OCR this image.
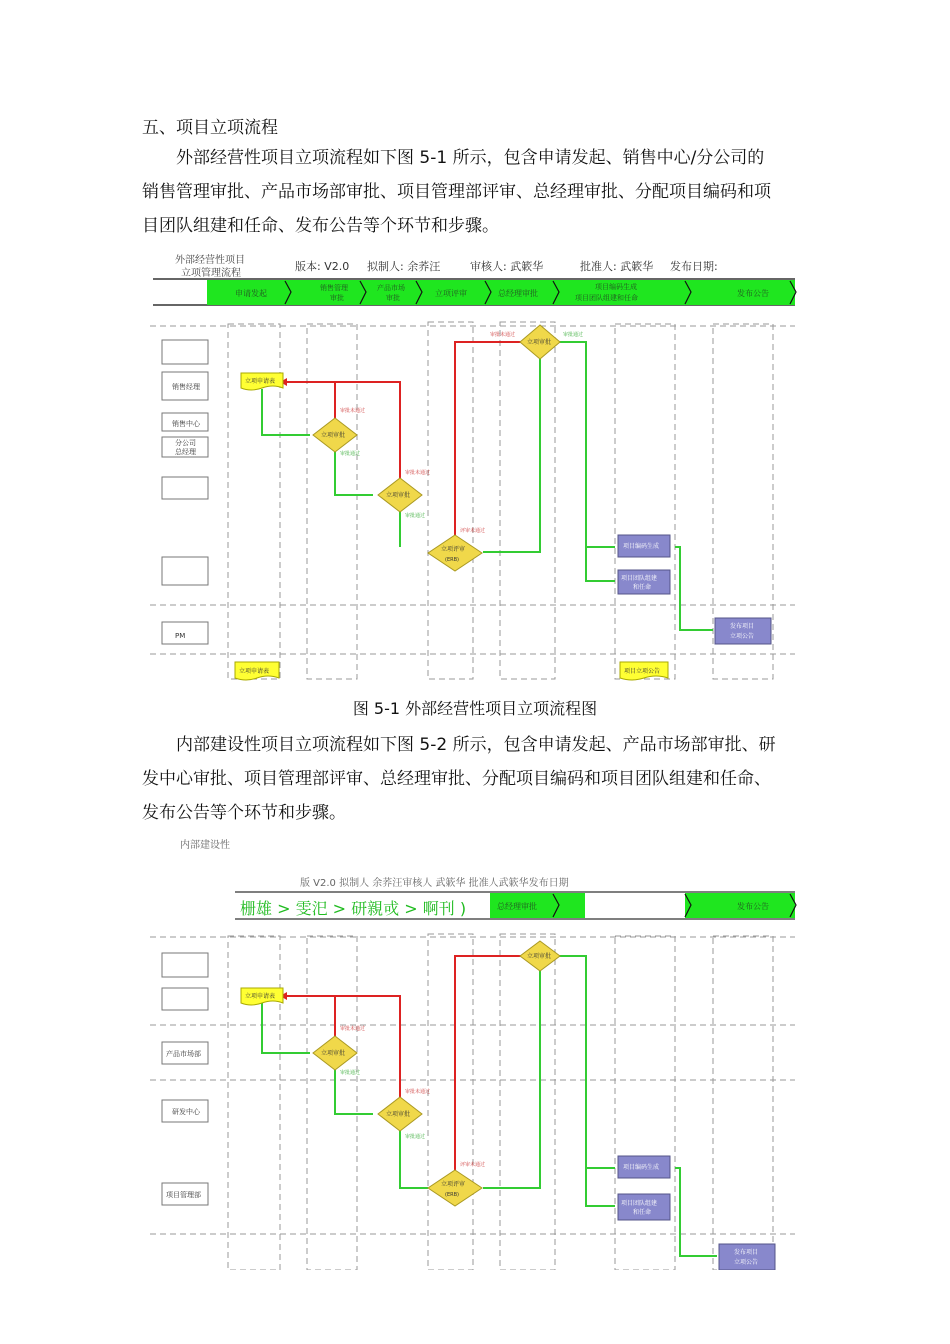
五、项目立项流程
外部经营性项目立项流程如下图 5-1 所示，包含申请发起、销售中心/分公司的
销售管理审批、产品市场部审批、项目管理部评审、总经理审批、分配项目编码和项
目团队组建和任命、发布公告等个环节和步骤。
外部经营性项目
立项管理流程
版本: V2.0 拟制人: 余荞汪	审核人: 武簌华	批准人: 武簌华 发布日期:
申请发起
销售管理
审批
产品市场
审批	立项评审	总经理审批
项目编码生成
项目团队组建和任命	发布公告
销售经理
销售中心
分公司
总经理
PM
立项申请表
立项申请表	项目立项公告
立项审批
立项审批
立项评审
(ERB)
立项审批
项目编码生成
项目团队组建
和任命
发布项目
立项公告
审批未通过
审批通过
审批未通过
审批通过
评审未通过
审批未通过	审批通过
图 5-1 外部经营性项目立项流程图
内部建设性项目立项流程如下图 5-2 所示，包含申请发起、产品市场部审批、研
发中心审批、项目管理部评审、总经理审批、分配项目编码和项目团队组建和任命、
发布公告等个环节和步骤。
内部建设性
版 V2.0 拟制人 余荞汪审核人 武簌华 批准人武簌华发布日期
栅雄 > 雯汜 > 研親戓 > 啊刊 )	总经理审批	发布公告
产品市场部
研发中心
项目管理部
立项申请表
立项审批
立项审批
立项评审
(ERB)
立项审批
项目编码生成
项目团队组建
和任命
发布项目
立项公告
审批未通过
审批通过
审批未通过
审批通过
评审未通过
